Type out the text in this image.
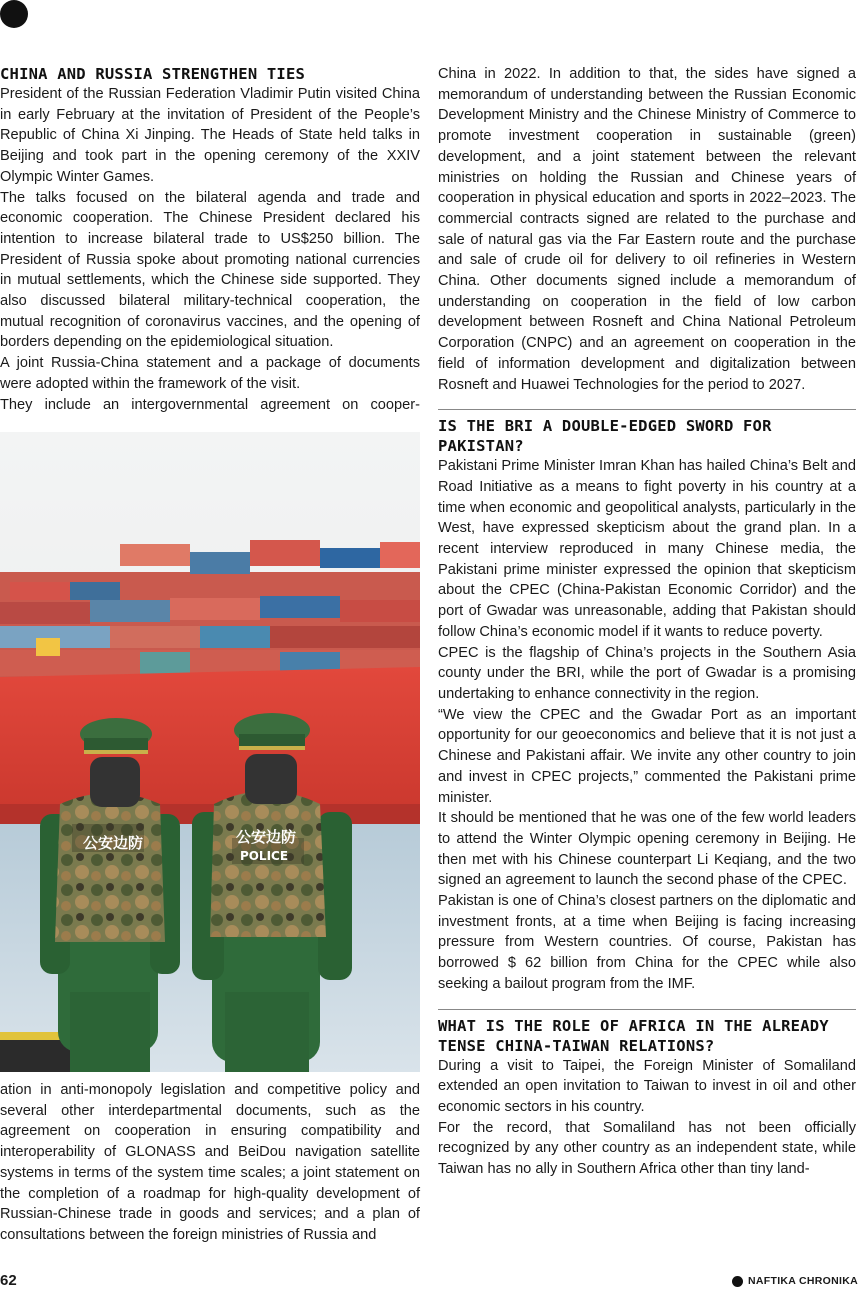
CHINA AND RUSSIA STRENGTHEN TIES

President of the Russian Federation Vladimir Putin visited China in early February at the invitation of President of the People’s Republic of China Xi Jinping. The Heads of State held talks in Beijing and took part in the opening ceremony of the XXIV Olympic Winter Games.

The talks focused on the bilateral agenda and trade and economic cooperation. The Chinese President declared his intention to increase bilateral trade to US$250 billion. The President of Russia spoke about promoting national currencies in mutual settlements, which the Chinese side supported. They also discussed bilateral military-technical cooperation, the mutual recognition of coronavirus vaccines, and the opening of borders depending on the epidemiological situation.

A joint Russia-China statement and a package of documents were adopted within the framework of the visit.

They include an intergovernmental agreement on cooper-

公安边防	公安边防
POLICE

ation in anti-monopoly legislation and competitive policy and several other interdepartmental documents, such as the agreement on cooperation in ensuring compatibility and interoperability of GLONASS and BeiDou navigation satellite systems in terms of the system time scales; a joint statement on the completion of a roadmap for high-quality development of Russian-Chinese trade in goods and services; and a plan of consultations between the foreign ministries of Russia and

China in 2022. In addition to that, the sides have signed a memorandum of understanding between the Russian Economic Development Ministry and the Chinese Ministry of Commerce to promote investment cooperation in sustainable (green) development, and a joint statement between the relevant ministries on holding the Russian and Chinese years of cooperation in physical education and sports in 2022–2023. The commercial contracts signed are related to the purchase and sale of natural gas via the Far Eastern route and the purchase and sale of crude oil for delivery to oil refineries in Western China. Other documents signed include a memorandum of understanding on cooperation in the field of low carbon development between Rosneft and China National Petroleum Corporation (CNPC) and an agreement on cooperation in the field of information development and digitalization between Rosneft and Huawei Technologies for the period to 2027.

IS THE BRI A DOUBLE-EDGED SWORD FOR PAKISTAN?

Pakistani Prime Minister Imran Khan has hailed China’s Belt and Road Initiative as a means to fight poverty in his country at a time when economic and geopolitical analysts, particularly in the West, have expressed skepticism about the grand plan. In a recent interview reproduced in many Chinese media, the Pakistani prime minister expressed the opinion that skepticism about the CPEC (China-Pakistan Economic Corridor) and the port of Gwadar was unreasonable, adding that Pakistan should follow China’s economic model if it wants to reduce poverty.

CPEC is the flagship of China’s projects in the Southern Asia county under the BRI, while the port of Gwadar is a promising undertaking to enhance connectivity in the region.

“We view the CPEC and the Gwadar Port as an important opportunity for our geoeconomics and believe that it is not just a Chinese and Pakistani affair. We invite any other country to join and invest in CPEC projects,” commented the Pakistani prime minister.

It should be mentioned that he was one of the few world leaders to attend the Winter Olympic opening ceremony in Beijing. He then met with his Chinese counterpart Li Keqiang, and the two signed an agreement to launch the second phase of the CPEC.

Pakistan is one of China’s closest partners on the diplomatic and investment fronts, at a time when Beijing is facing increasing pressure from Western countries. Of course, Pakistan has borrowed $ 62 billion from China for the CPEC while also seeking a bailout program from the IMF.

WHAT IS THE ROLE OF AFRICA IN THE ALREADY TENSE CHINA-TAIWAN RELATIONS?

During a visit to Taipei, the Foreign Minister of Somaliland extended an open invitation to Taiwan to invest in oil and other economic sectors in his country.

For the record, that Somaliland has not been officially recognized by any other country as an independent state, while Taiwan has no ally in Southern Africa other than tiny land-

62	NAFTIKA CHRONIKA
